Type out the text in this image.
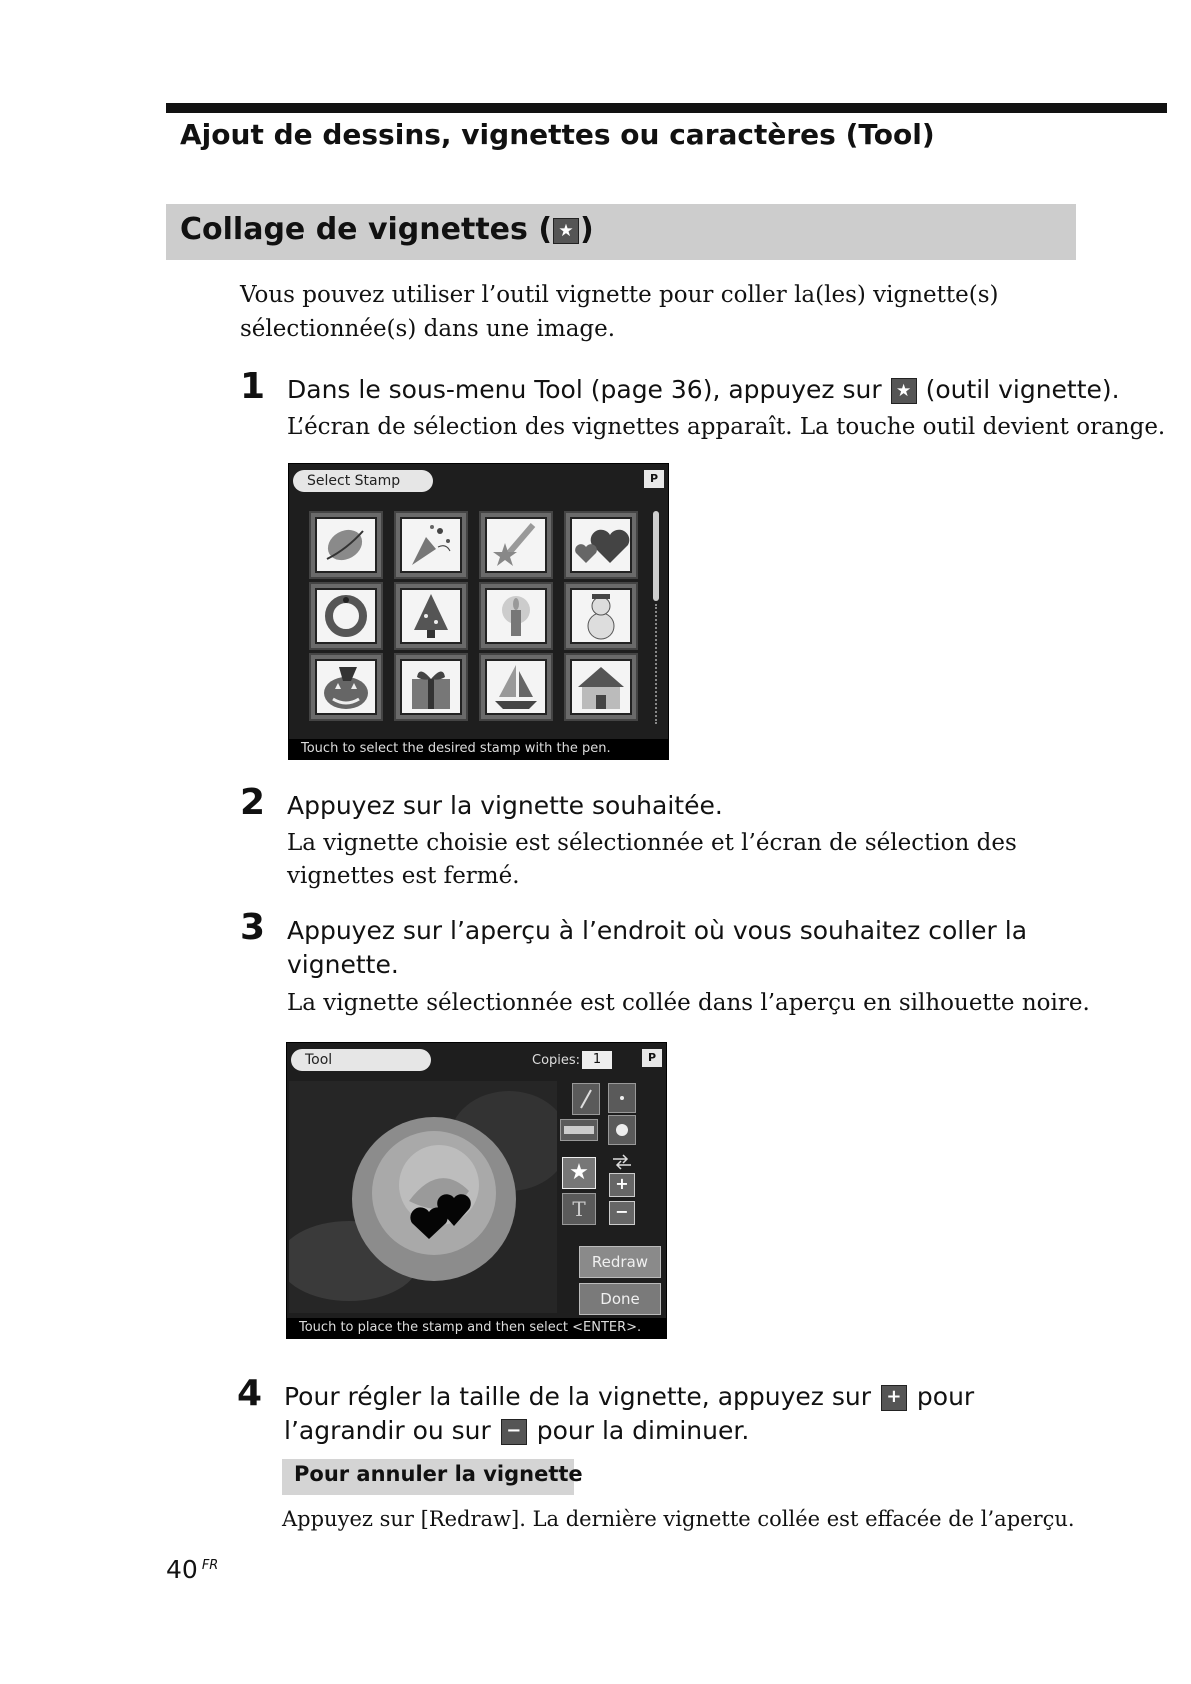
Ajout de dessins, vignettes ou caractères (Tool)
Collage de vignettes ( ★ )
Vous pouvez utiliser l’outil vignette pour coller la(les) vignette(s) sélectionnée(s) dans une image.
1 Dans le sous-menu Tool (page 36), appuyez sur ★ (outil vignette).
L’écran de sélection des vignettes apparaît. La touche outil devient orange.
Select Stamp	P
Touch to select the desired stamp with the pen.
2 Appuyez sur la vignette souhaitée.
La vignette choisie est sélectionnée et l’écran de sélection des vignettes est fermé.
3 Appuyez sur l’aperçu à l’endroit où vous souhaitez coller la vignette.
La vignette sélectionnée est collée dans l’aperçu en silhouette noire.
Tool	Copies: 1	P
★	+
T	−
Redraw
Done
Touch to place the stamp and then select <ENTER>.
4 Pour régler la taille de la vignette, appuyez sur + pour
l’agrandir ou sur − pour la diminuer.
Pour annuler la vignette
Appuyez sur [Redraw]. La dernière vignette collée est effacée de l’aperçu.
40 $^{FR}$
